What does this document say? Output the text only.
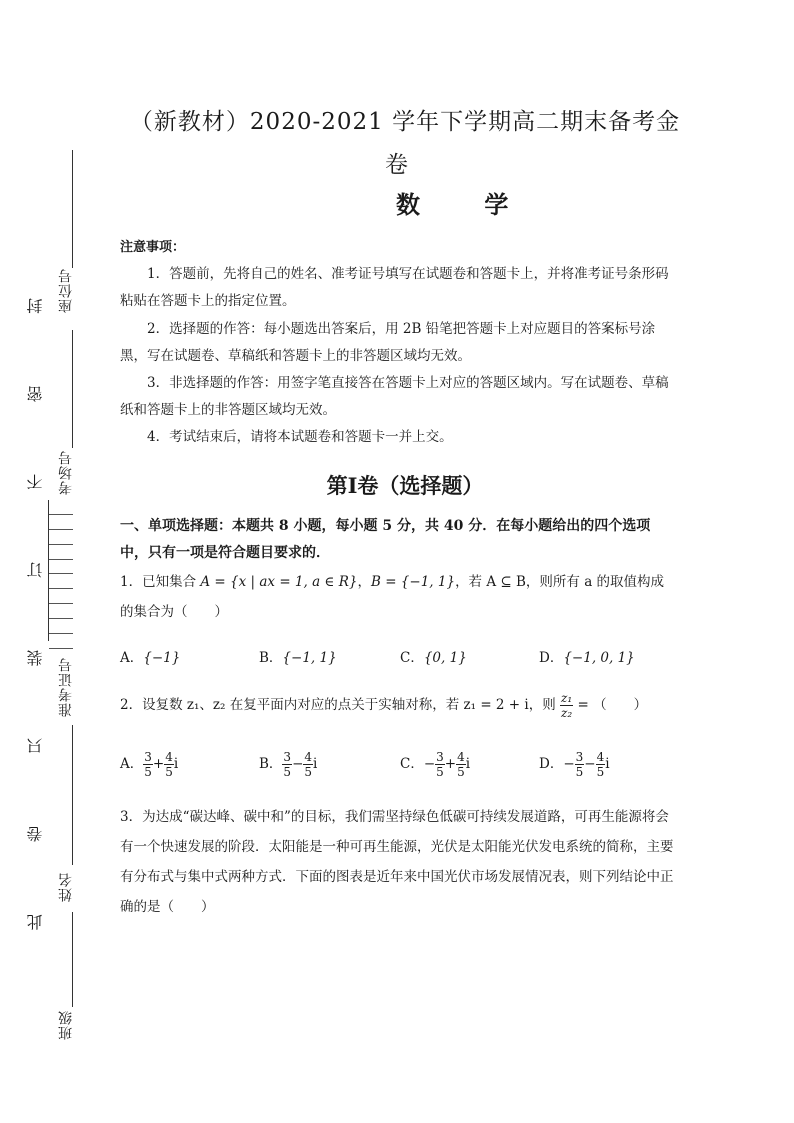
座位号
考场号
准考证号
姓名
班级
封
密
不
订
装
只
卷
此
（新教材）2020-2021 学年下学期高二期末备考金
卷
数 学
注意事项：
1．答题前，先将自己的姓名、准考证号填写在试题卷和答题卡上，并将准考证号条形码粘贴在答题卡上的指定位置。
2．选择题的作答：每小题选出答案后，用 2B 铅笔把答题卡上对应题目的答案标号涂黑，写在试题卷、草稿纸和答题卡上的非答题区域均无效。
3．非选择题的作答：用签字笔直接答在答题卡上对应的答题区域内。写在试题卷、草稿纸和答题卡上的非答题区域均无效。
4．考试结束后，请将本试题卷和答题卡一并上交。
第Ⅰ卷（选择题）
一、单项选择题：本题共 8 小题，每小题 5 分，共 40 分．在每小题给出的四个选项中，只有一项是符合题目要求的．
1．已知集合 A = {x | ax = 1, a ∈ R}，B = {−1, 1}，若 A ⊆ B，则所有 a 的取值构成的集合为（　　）
A．{−1}	B．{−1, 1}	C．{0, 1}	D．{−1, 0, 1}
2．设复数 z₁、z₂ 在复平面内对应的点关于实轴对称，若 z₁ = 2 + i，则 $\frac{\text{z₁}}{\text{z₂}}$ = （　　）
A． $\frac{3}{5} + \frac{4}{5}$ i	B． $\frac{3}{5} - \frac{4}{5}$ i	C．− $\frac{3}{5} + \frac{4}{5}$ i	D．− $\frac{3}{5} - \frac{4}{5}$ i
3．为达成“碳达峰、碳中和”的目标，我们需坚持绿色低碳可持续发展道路，可再生能源将会有一个快速发展的阶段．太阳能是一种可再生能源，光伏是太阳能光伏发电系统的简称，主要有分布式与集中式两种方式．下面的图表是近年来中国光伏市场发展情况表，则下列结论中正确的是（　　）
